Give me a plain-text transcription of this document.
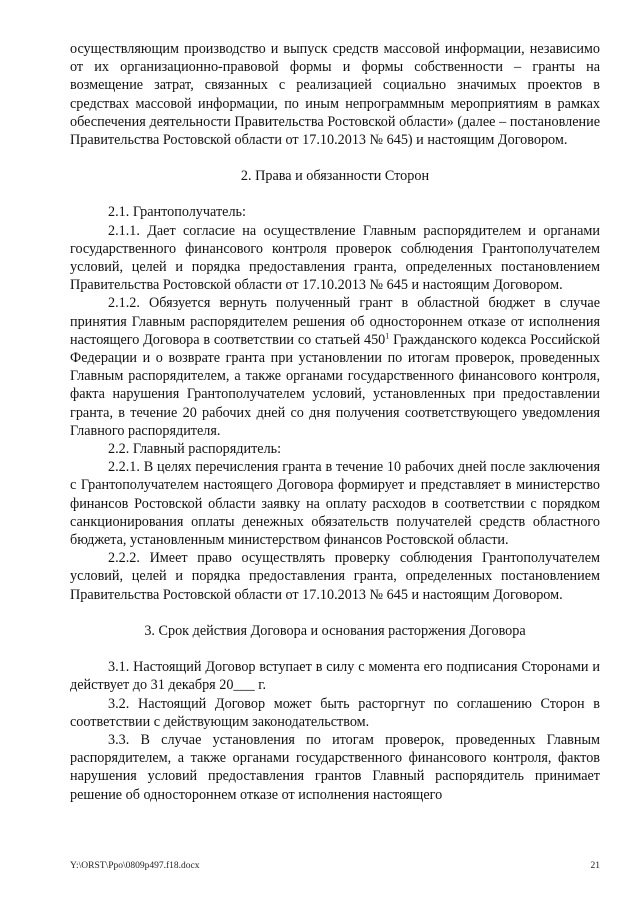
осуществляющим производство и выпуск средств массовой информации, независимо от их организационно-правовой формы и формы собственности – гранты на возмещение затрат, связанных с реализацией социально значимых проектов в средствах массовой информации, по иным непрограммным мероприятиям в рамках обеспечения деятельности Правительства Ростовской области» (далее – постановление Правительства Ростовской области от 17.10.2013 № 645) и настоящим Договором.

2. Права и обязанности Сторон

2.1. Грантополучатель:

2.1.1. Дает согласие на осуществление Главным распорядителем и органами государственного финансового контроля проверок соблюдения Грантополучателем условий, целей и порядка предоставления гранта, определенных постановлением Правительства Ростовской области от 17.10.2013 № 645 и настоящим Договором.

2.1.2. Обязуется вернуть полученный грант в областной бюджет в случае принятия Главным распорядителем решения об одностороннем отказе от исполнения настоящего Договора в соответствии со статьей $450^1$ Гражданского кодекса Российской Федерации и о возврате гранта при установлении по итогам проверок, проведенных Главным распорядителем, а также органами государственного финансового контроля, факта нарушения Грантополучателем условий, установленных при предоставлении гранта, в течение 20 рабочих дней со дня получения соответствующего уведомления Главного распорядителя.

2.2. Главный распорядитель:

2.2.1. В целях перечисления гранта в течение 10 рабочих дней после заключения с Грантополучателем настоящего Договора формирует и представляет в министерство финансов Ростовской области заявку на оплату расходов в соответствии с порядком санкционирования оплаты денежных обязательств получателей средств областного бюджета, установленным министерством финансов Ростовской области.

2.2.2. Имеет право осуществлять проверку соблюдения Грантополучателем условий, целей и порядка предоставления гранта, определенных постановлением Правительства Ростовской области от 17.10.2013 № 645 и настоящим Договором.

3. Срок действия Договора и основания расторжения Договора

3.1. Настоящий Договор вступает в силу с момента его подписания Сторонами и действует до 31 декабря 20___ г.

3.2. Настоящий Договор может быть расторгнут по соглашению Сторон в соответствии с действующим законодательством.

3.3. В случае установления по итогам проверок, проведенных Главным распорядителем, а также органами государственного финансового контроля, фактов нарушения условий предоставления грантов Главный распорядитель принимает решение об одностороннем отказе от исполнения настоящего

Y:\ORST\Ppo\0809p497.f18.docx	21
